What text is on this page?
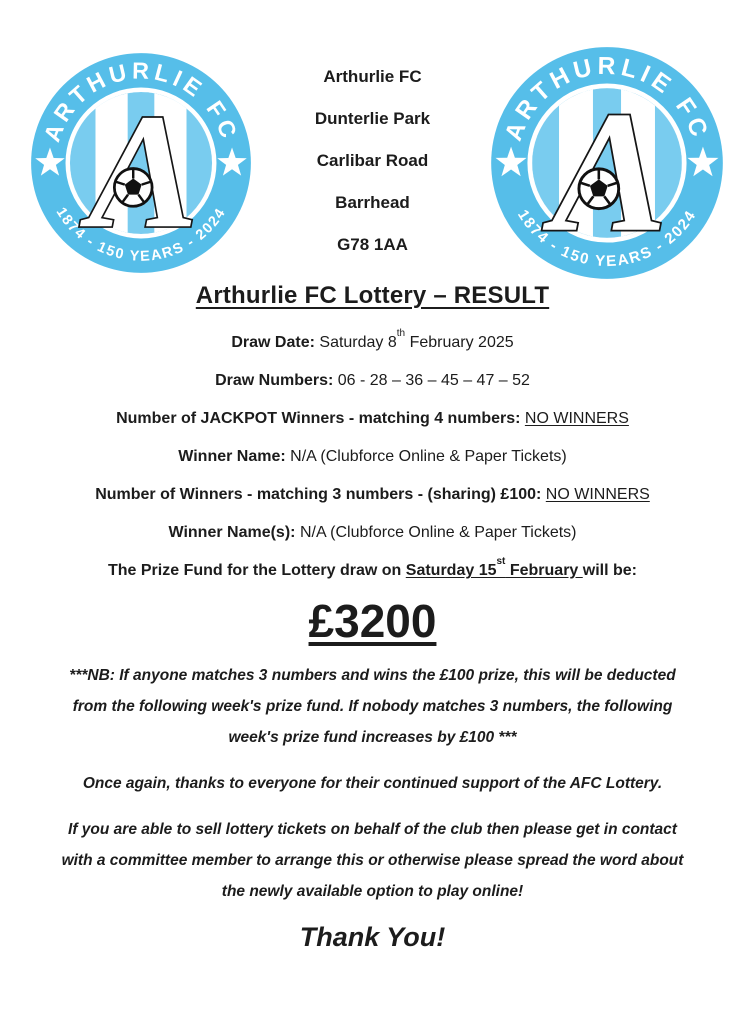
Arthurlie FC
Dunterlie Park
Carlibar Road
Barrhead
G78 1AA
Arthurlie FC Lottery – RESULT

Draw Date: Saturday 8th February 2025

Draw Numbers: 06 - 28 – 36 – 45 – 47 – 52

Number of JACKPOT Winners - matching 4 numbers: NO WINNERS

Winner Name: N/A (Clubforce Online & Paper Tickets)

Number of Winners - matching 3 numbers - (sharing) £100: NO WINNERS

Winner Name(s): N/A (Clubforce Online & Paper Tickets)

The Prize Fund for the Lottery draw on Saturday 15st February will be:

£3200

***NB: If anyone matches 3 numbers and wins the £100 prize, this will be deducted from the following week's prize fund. If nobody matches 3 numbers, the following week's prize fund increases by £100 ***

Once again, thanks to everyone for their continued support of the AFC Lottery.

If you are able to sell lottery tickets on behalf of the club then please get in contact with a committee member to arrange this or otherwise please spread the word about the newly available option to play online!

Thank You!
